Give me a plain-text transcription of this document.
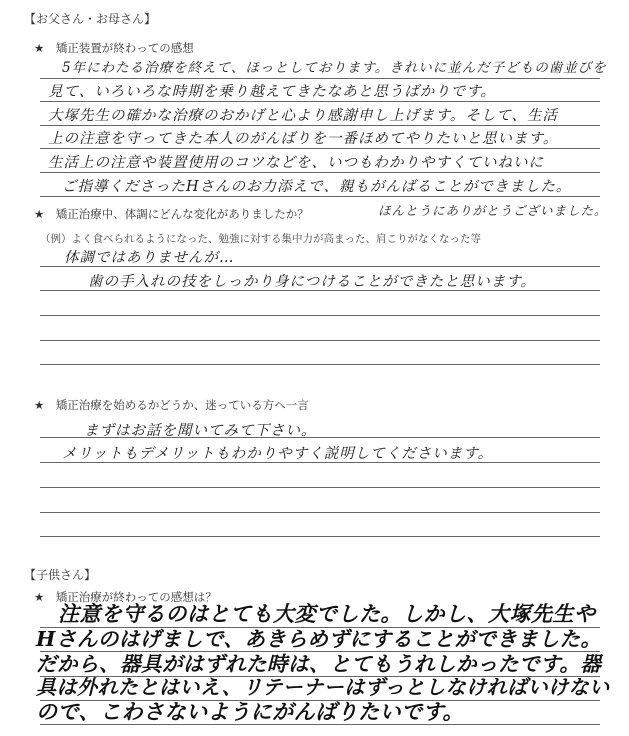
【お父さん・お母さん】
★　矯正装置が終わっての感想
5年にわたる治療を終えて、ほっとしております。きれいに並んだ子どもの歯並びを
見て、いろいろな時期を乗り越えてきたなあと思うばかりです。
大塚先生の確かな治療のおかげと心より感謝申し上げます。そして、生活
上の注意を守ってきた本人のがんばりを一番ほめてやりたいと思います。
生活上の注意や装置使用のコツなどを、いつもわかりやすくていねいに
ご指導くださったHさんのお力添えで、親もがんばることができました。
ほんとうにありがとうございました。
★　矯正治療中、体調にどんな変化がありましたか？
（例）よく食べられるようになった、勉強に対する集中力が高まった、肩こりがなくなった等
体調ではありませんが…
歯の手入れの技をしっかり身につけることができたと思います。
★　矯正治療を始めるかどうか、迷っている方へ一言
まずはお話を聞いてみて下さい。
メリットもデメリットもわかりやすく説明してくださいます。
【子供さん】
★　矯正治療が終わっての感想は？
注意を守るのはとても大変でした。しかし、大塚先生や
Hさんのはげましで、あきらめずにすることができました。
だから、器具がはずれた時は、とてもうれしかったです。器
具は外れたとはいえ、リテーナーはずっとしなければいけない
ので、こわさないようにがんばりたいです。
